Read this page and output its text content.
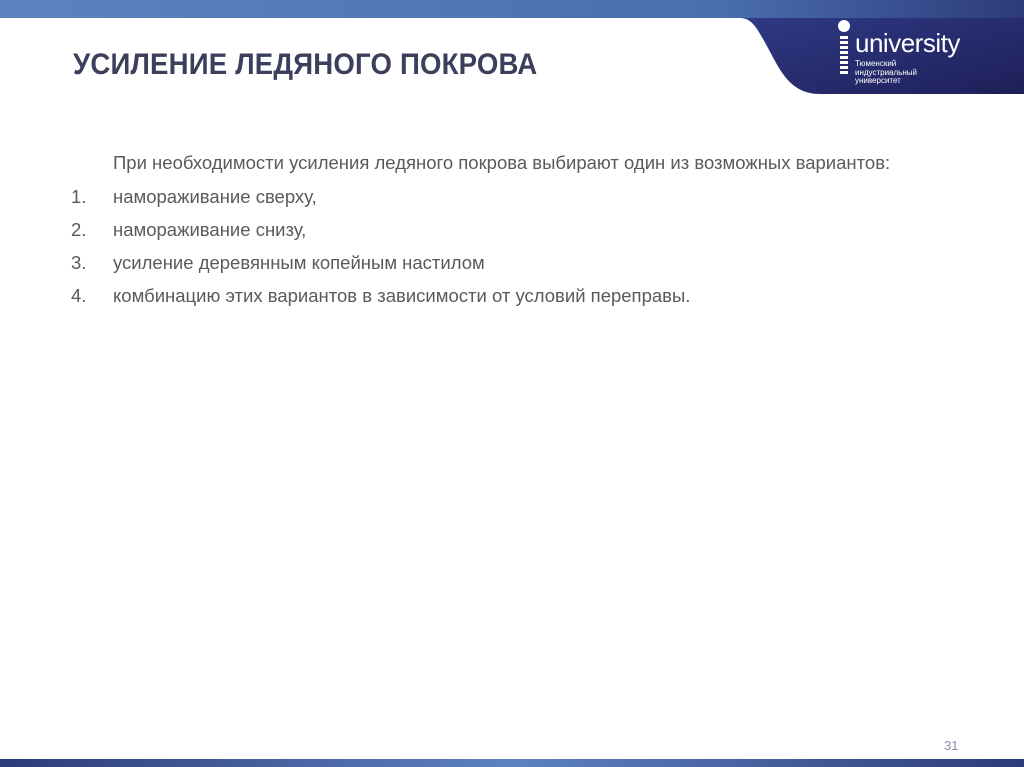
УСИЛЕНИЕ ЛЕДЯНОГО ПОКРОВА
university
Тюменский
индустриальный
университет

При необходимости усиления ледяного покрова выбирают один из возможных вариантов:

1. намораживание сверху,
2. намораживание снизу,
3. усиление деревянным копейным настилом
4. комбинацию этих вариантов в зависимости от условий переправы.
31
